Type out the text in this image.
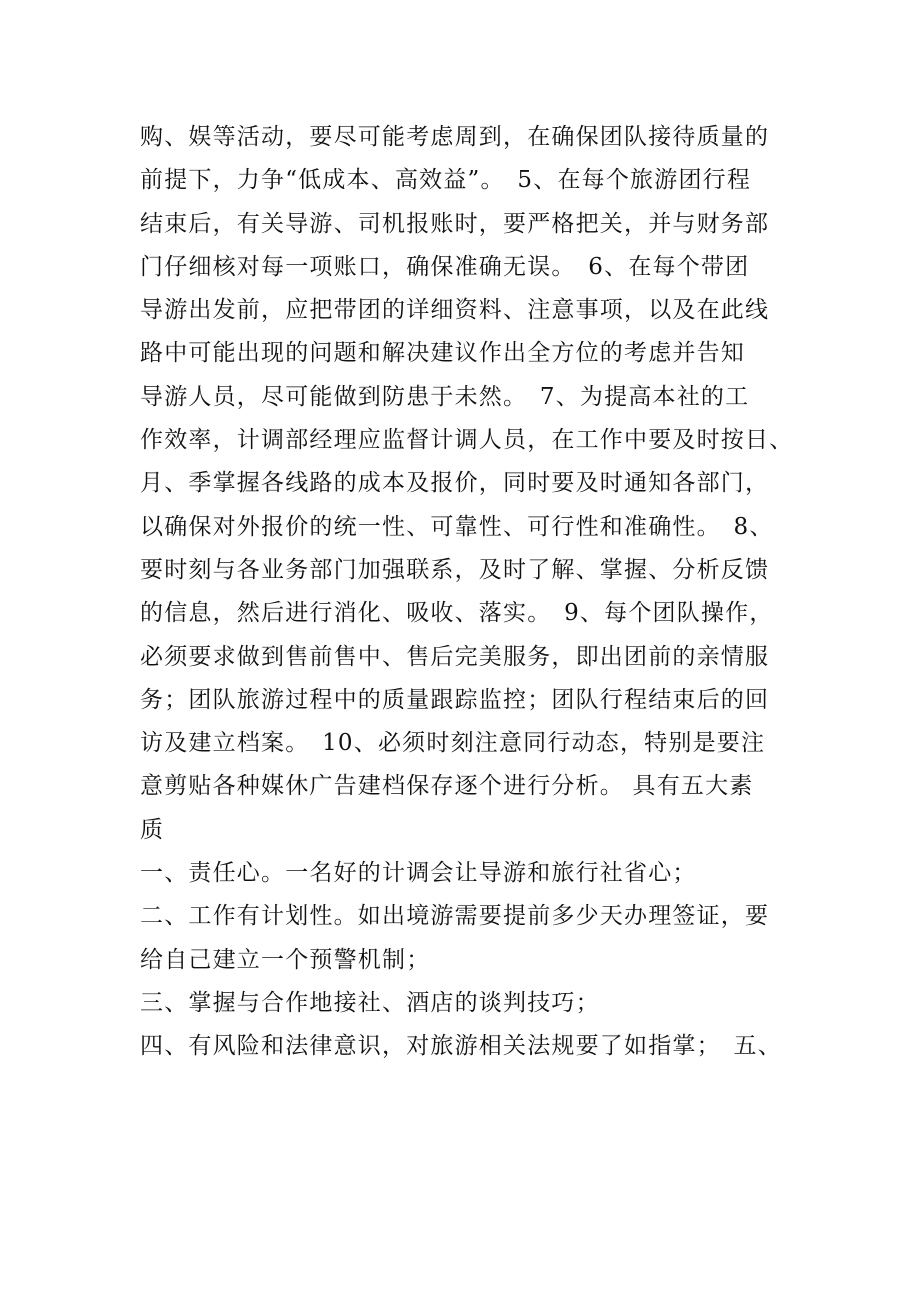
购、娱等活动，要尽可能考虑周到，在确保团队接待质量的
前提下，力争“低成本、高效益”。　5、在每个旅游团行程
结束后，有关导游、司机报账时，要严格把关，并与财务部
门仔细核对每一项账口，确保准确无误。　6、在每个带团
导游出发前，应把带团的详细资料、注意事项，以及在此线
路中可能出现的问题和解决建议作出全方位的考虑并告知
导游人员，尽可能做到防患于未然。　7、为提高本社的工
作效率，计调部经理应监督计调人员，在工作中要及时按日、
月、季掌握各线路的成本及报价，同时要及时通知各部门，
以确保对外报价的统一性、可靠性、可行性和准确性。　8、
要时刻与各业务部门加强联系，及时了解、掌握、分析反馈
的信息，然后进行消化、吸收、落实。　9、每个团队操作，
必须要求做到售前售中、售后完美服务，即出团前的亲情服
务；团队旅游过程中的质量跟踪监控；团队行程结束后的回
访及建立档案。　10、必须时刻注意同行动态，特别是要注
意剪贴各种媒休广告建档保存逐个进行分析。 具有五大素
质
一、责任心。一名好的计调会让导游和旅行社省心；
二、工作有计划性。如出境游需要提前多少天办理签证，要
给自己建立一个预警机制；
三、掌握与合作地接社、酒店的谈判技巧；
四、有风险和法律意识，对旅游相关法规要了如指掌；　五、
